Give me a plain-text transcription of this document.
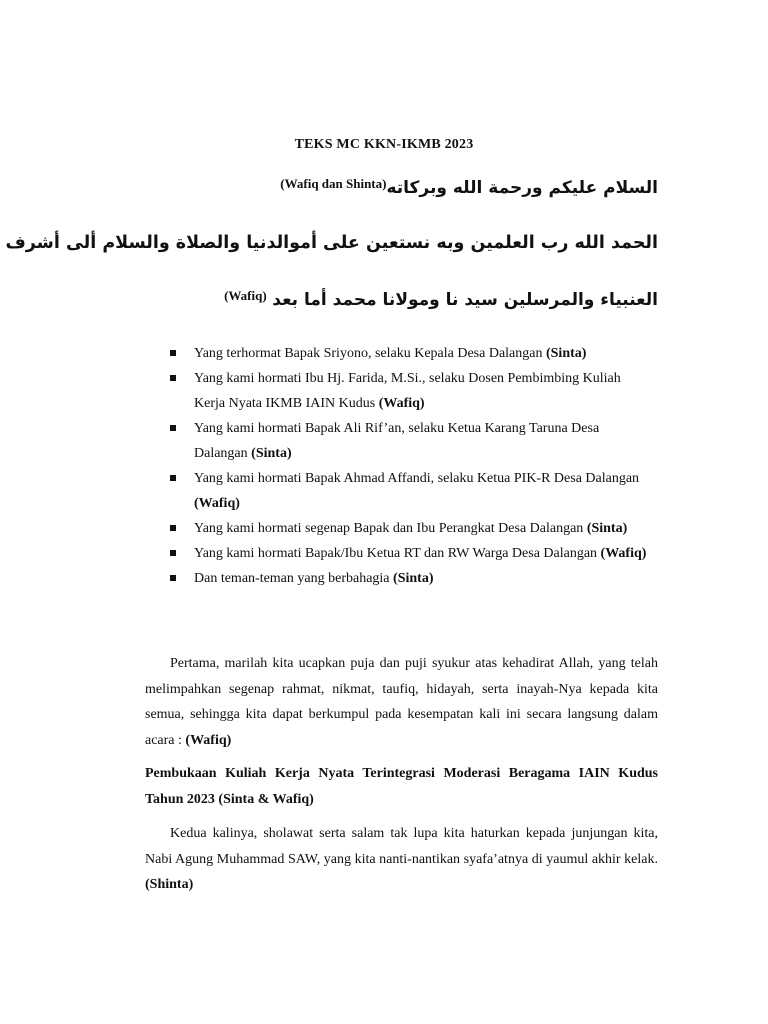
TEKS MC KKN-IKMB 2023
السلام عليكم ورحمة الله وبركاته$^{(Wafiq dan Shinta)}$
الحمد الله رب العلمين وبه نستعين على أموالدنيا والصلاة والسلام ألى أشرف
العنبياء والمرسلين سيد نا ومولانا محمد أما بعد $^{(Wafiq)}$
Yang terhormat Bapak Sriyono, selaku Kepala Desa Dalangan (Sinta)
Yang kami hormati Ibu Hj. Farida, M.Si., selaku Dosen Pembimbing Kuliah Kerja Nyata IKMB IAIN Kudus (Wafiq)
Yang kami hormati Bapak Ali Rif’an, selaku Ketua Karang Taruna Desa Dalangan (Sinta)
Yang kami hormati Bapak Ahmad Affandi, selaku Ketua PIK-R Desa Dalangan (Wafiq)
Yang kami hormati segenap Bapak dan Ibu Perangkat Desa Dalangan (Sinta)
Yang kami hormati Bapak/Ibu Ketua RT dan RW Warga Desa Dalangan (Wafiq)
Dan teman-teman yang berbahagia (Sinta)
Pertama, marilah kita ucapkan puja dan puji syukur atas kehadirat Allah, yang telah melimpahkan segenap rahmat, nikmat, taufiq, hidayah, serta inayah-Nya kepada kita semua, sehingga kita dapat berkumpul pada kesempatan kali ini secara langsung dalam acara : (Wafiq)
Pembukaan Kuliah Kerja Nyata Terintegrasi Moderasi Beragama IAIN Kudus Tahun 2023 (Sinta & Wafiq)
Kedua kalinya, sholawat serta salam tak lupa kita haturkan kepada junjungan kita, Nabi Agung Muhammad SAW, yang kita nanti-nantikan syafa’atnya di yaumul akhir kelak. (Shinta)
